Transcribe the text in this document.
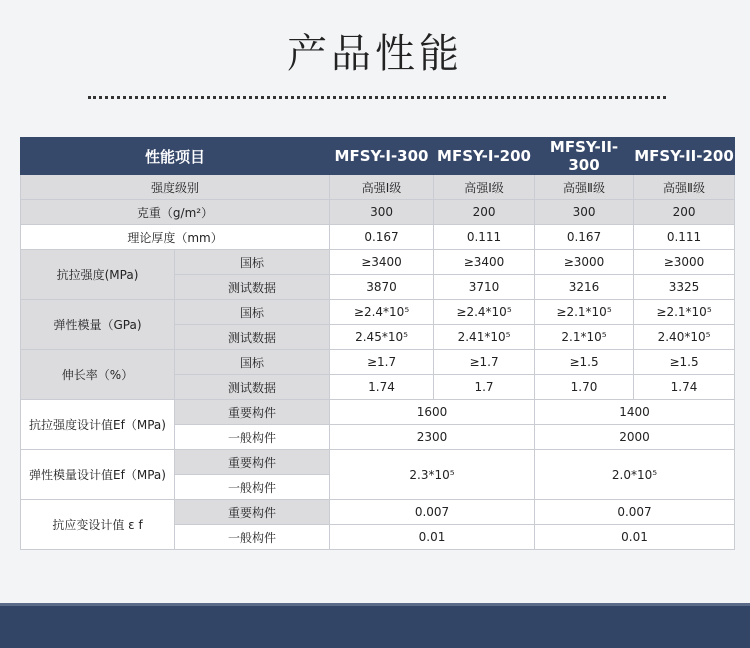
产品性能
性能项目		MFSY-I-300	MFSY-I-200	MFSY-II-300	MFSY-II-200
强度级别		高强Ⅰ级	高强Ⅰ级	高强Ⅱ级	高强Ⅱ级
克重（g/m²）		300	200	300	200
理论厚度（mm）		0.167	0.111	0.167	0.111
抗拉强度(MPa)	国标	≥3400	≥3400	≥3000	≥3000
	测试数据	3870	3710	3216	3325
弹性模量（GPa)	国标	≥2.4*10⁵	≥2.4*10⁵	≥2.1*10⁵	≥2.1*10⁵
	测试数据	2.45*10⁵	2.41*10⁵	2.1*10⁵	2.40*10⁵
伸长率（%）	国标	≥1.7	≥1.7	≥1.5	≥1.5
	测试数据	1.74	1.7	1.70	1.74
抗拉强度设计值Ef（MPa)	重要构件	1600		1400	
	一般构件	2300		2000	
弹性模量设计值Ef（MPa)	重要构件	2.3*10⁵		2.0*10⁵	
	一般构件				
抗应变设计值 ε f	重要构件	0.007		0.007	
	一般构件	0.01		0.01	
